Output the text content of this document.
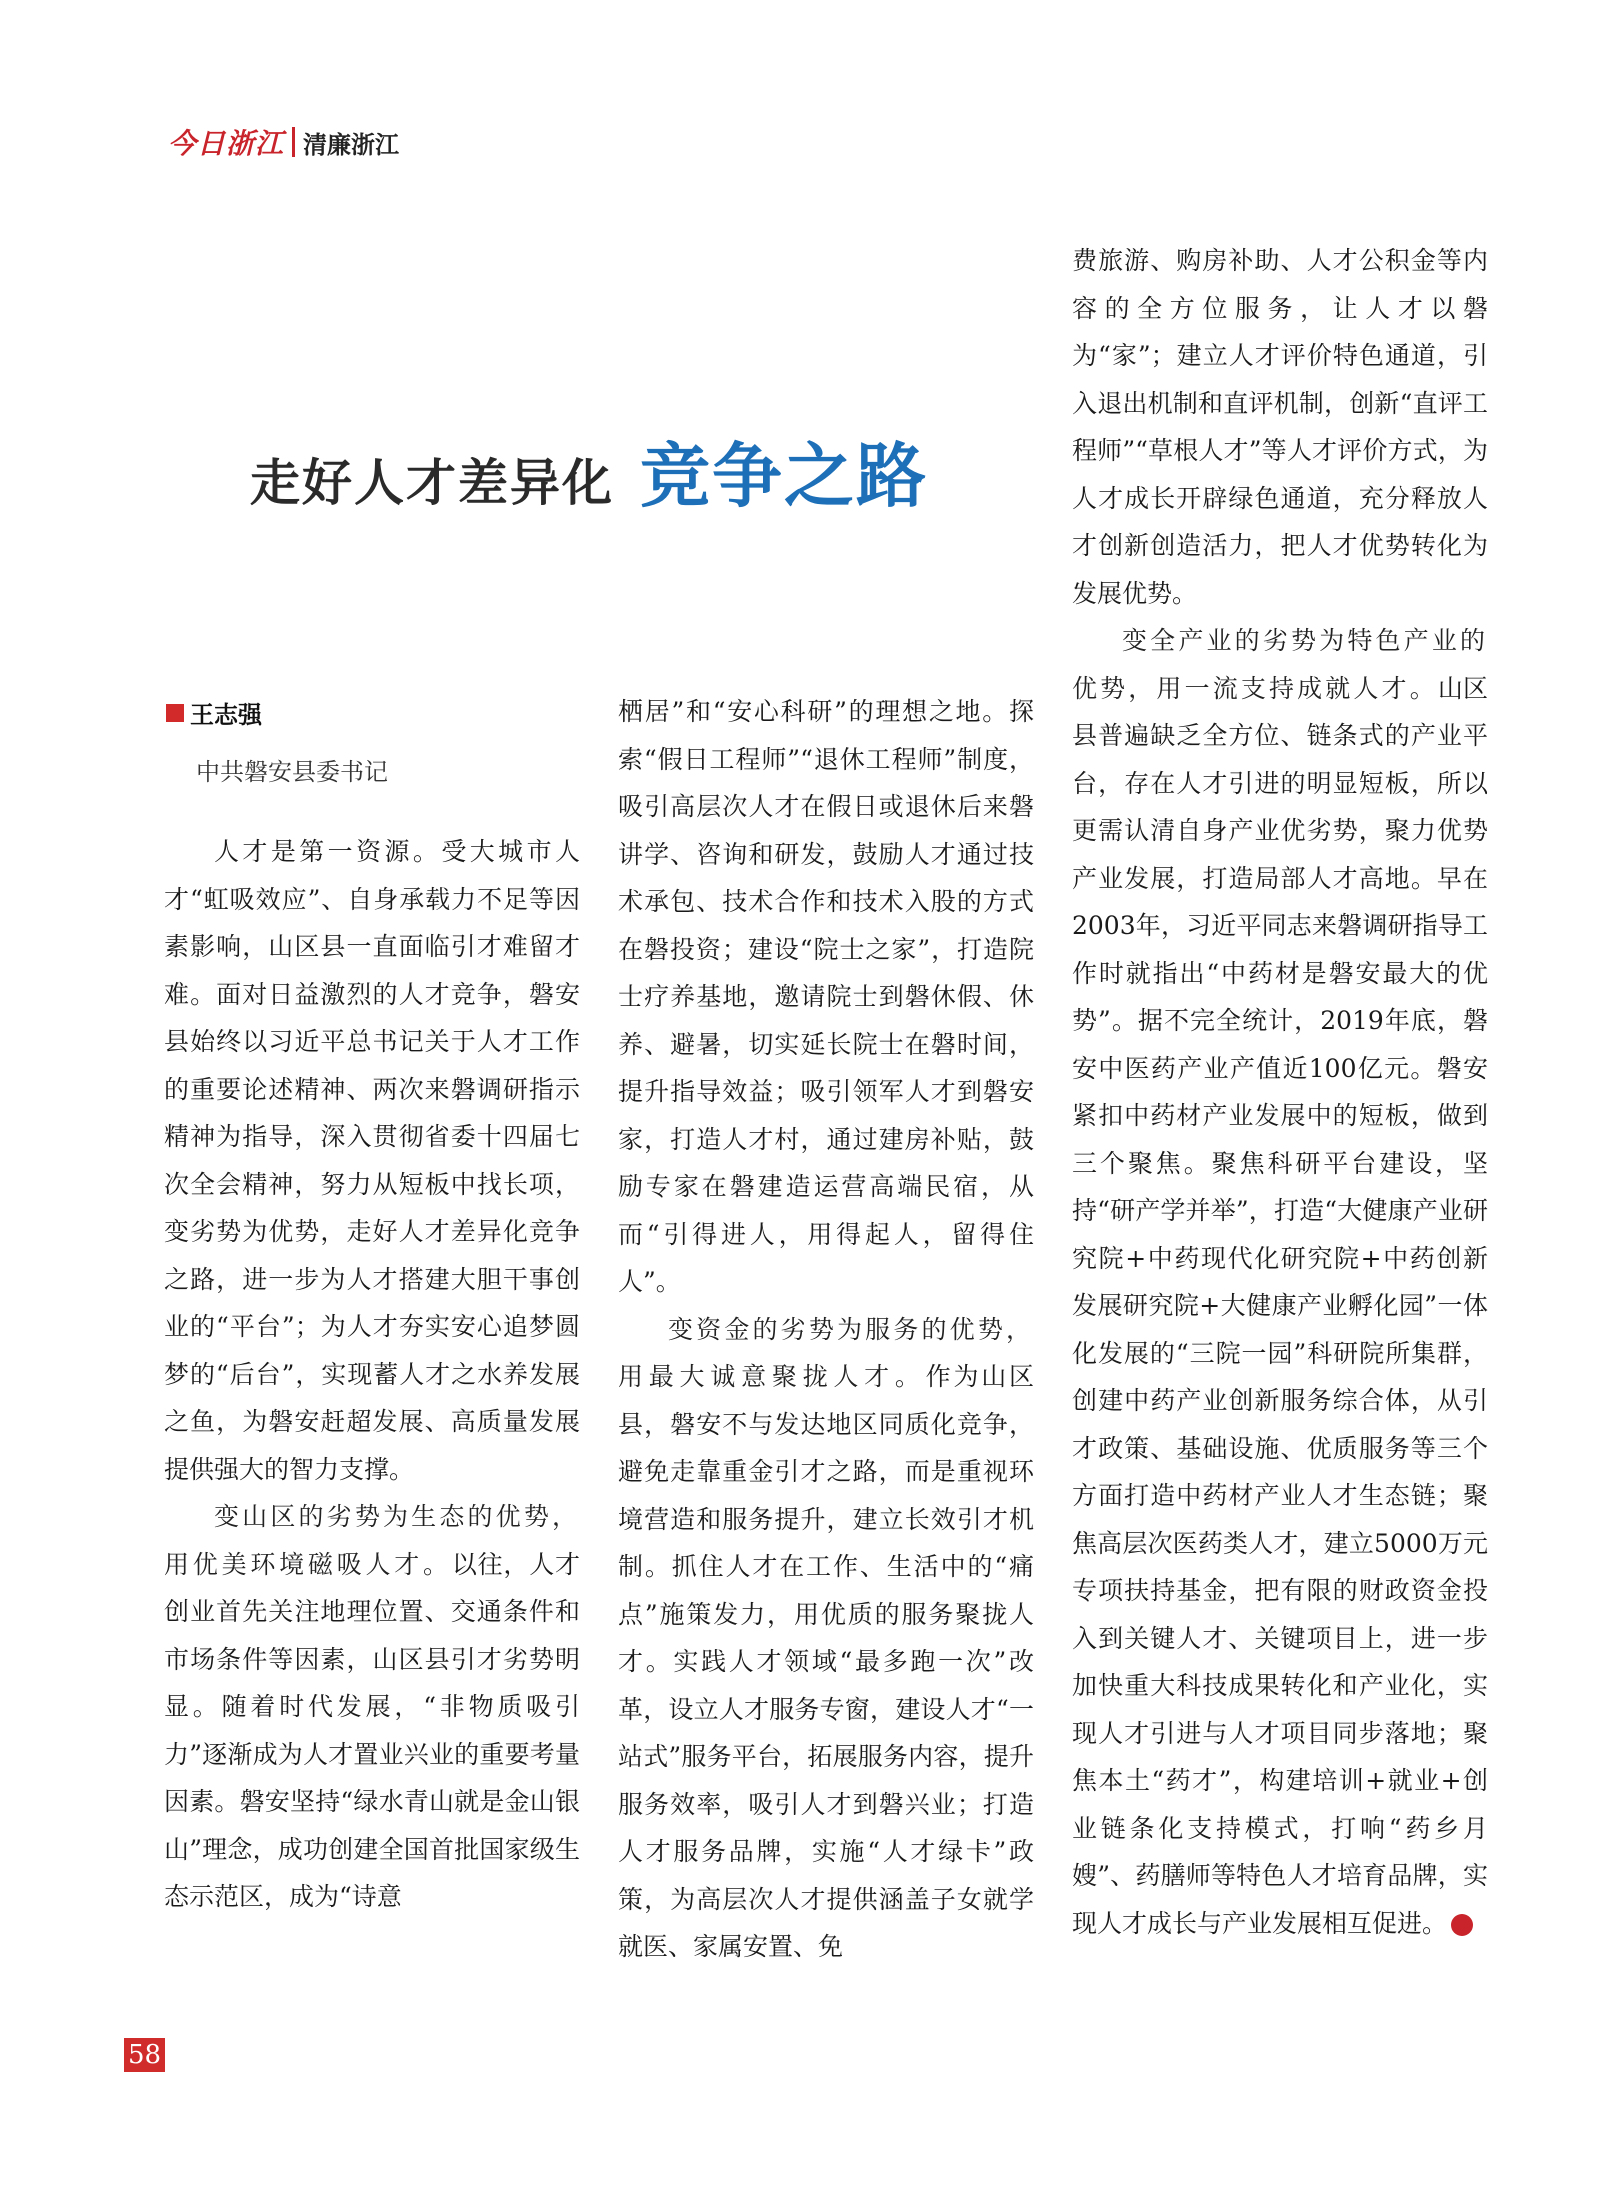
今日浙江 清廉浙江
走好人才差异化 竞争之路
王志强
中共磐安县委书记

人才是第一资源。受大城市人才“虹吸效应”、自身承载力不足等因素影响，山区县一直面临引才难留才难。面对日益激烈的人才竞争，磐安县始终以习近平总书记关于人才工作的重要论述精神、两次来磐调研指示精神为指导，深入贯彻省委十四届七次全会精神，努力从短板中找长项，变劣势为优势，走好人才差异化竞争之路，进一步为人才搭建大胆干事创业的“平台”；为人才夯实安心追梦圆梦的“后台”，实现蓄人才之水养发展之鱼，为磐安赶超发展、高质量发展提供强大的智力支撑。

变山区的劣势为生态的优势，用优美环境磁吸人才。以往，人才创业首先关注地理位置、交通条件和市场条件等因素，山区县引才劣势明显。随着时代发展，“非物质吸引力”逐渐成为人才置业兴业的重要考量因素。磐安坚持“绿水青山就是金山银山”理念，成功创建全国首批国家级生态示范区，成为“诗意

栖居”和“安心科研”的理想之地。探索“假日工程师”“退休工程师”制度，吸引高层次人才在假日或退休后来磐讲学、咨询和研发，鼓励人才通过技术承包、技术合作和技术入股的方式在磐投资；建设“院士之家”，打造院士疗养基地，邀请院士到磐休假、休养、避暑，切实延长院士在磐时间，提升指导效益；吸引领军人才到磐安家，打造人才村，通过建房补贴，鼓励专家在磐建造运营高端民宿，从而“引得进人，用得起人，留得住人”。

变资金的劣势为服务的优势，用最大诚意聚拢人才。作为山区县，磐安不与发达地区同质化竞争，避免走靠重金引才之路，而是重视环境营造和服务提升，建立长效引才机制。抓住人才在工作、生活中的“痛点”施策发力，用优质的服务聚拢人才。实践人才领域“最多跑一次”改革，设立人才服务专窗，建设人才“一站式”服务平台，拓展服务内容，提升服务效率，吸引人才到磐兴业；打造人才服务品牌，实施“人才绿卡”政策，为高层次人才提供涵盖子女就学就医、家属安置、免

费旅游、购房补助、人才公积金等内容的全方位服务，让人才以磐为“家”；建立人才评价特色通道，引入退出机制和直评机制，创新“直评工程师”“草根人才”等人才评价方式，为人才成长开辟绿色通道，充分释放人才创新创造活力，把人才优势转化为发展优势。

变全产业的劣势为特色产业的优势，用一流支持成就人才。山区县普遍缺乏全方位、链条式的产业平台，存在人才引进的明显短板，所以更需认清自身产业优劣势，聚力优势产业发展，打造局部人才高地。早在2003年，习近平同志来磐调研指导工作时就指出“中药材是磐安最大的优势”。据不完全统计，2019年底，磐安中医药产业产值近100亿元。磐安紧扣中药材产业发展中的短板，做到三个聚焦。聚焦科研平台建设，坚持“研产学并举”，打造“大健康产业研究院+中药现代化研究院+中药创新发展研究院+大健康产业孵化园”一体化发展的“三院一园”科研院所集群，创建中药产业创新服务综合体，从引才政策、基础设施、优质服务等三个方面打造中药材产业人才生态链；聚焦高层次医药类人才，建立5000万元专项扶持基金，把有限的财政资金投入到关键人才、关键项目上，进一步加快重大科技成果转化和产业化，实现人才引进与人才项目同步落地；聚焦本土“药才”，构建培训+就业+创业链条化支持模式，打响“药乡月嫂”、药膳师等特色人才培育品牌，实现人才成长与产业发展相互促进。	今

58
